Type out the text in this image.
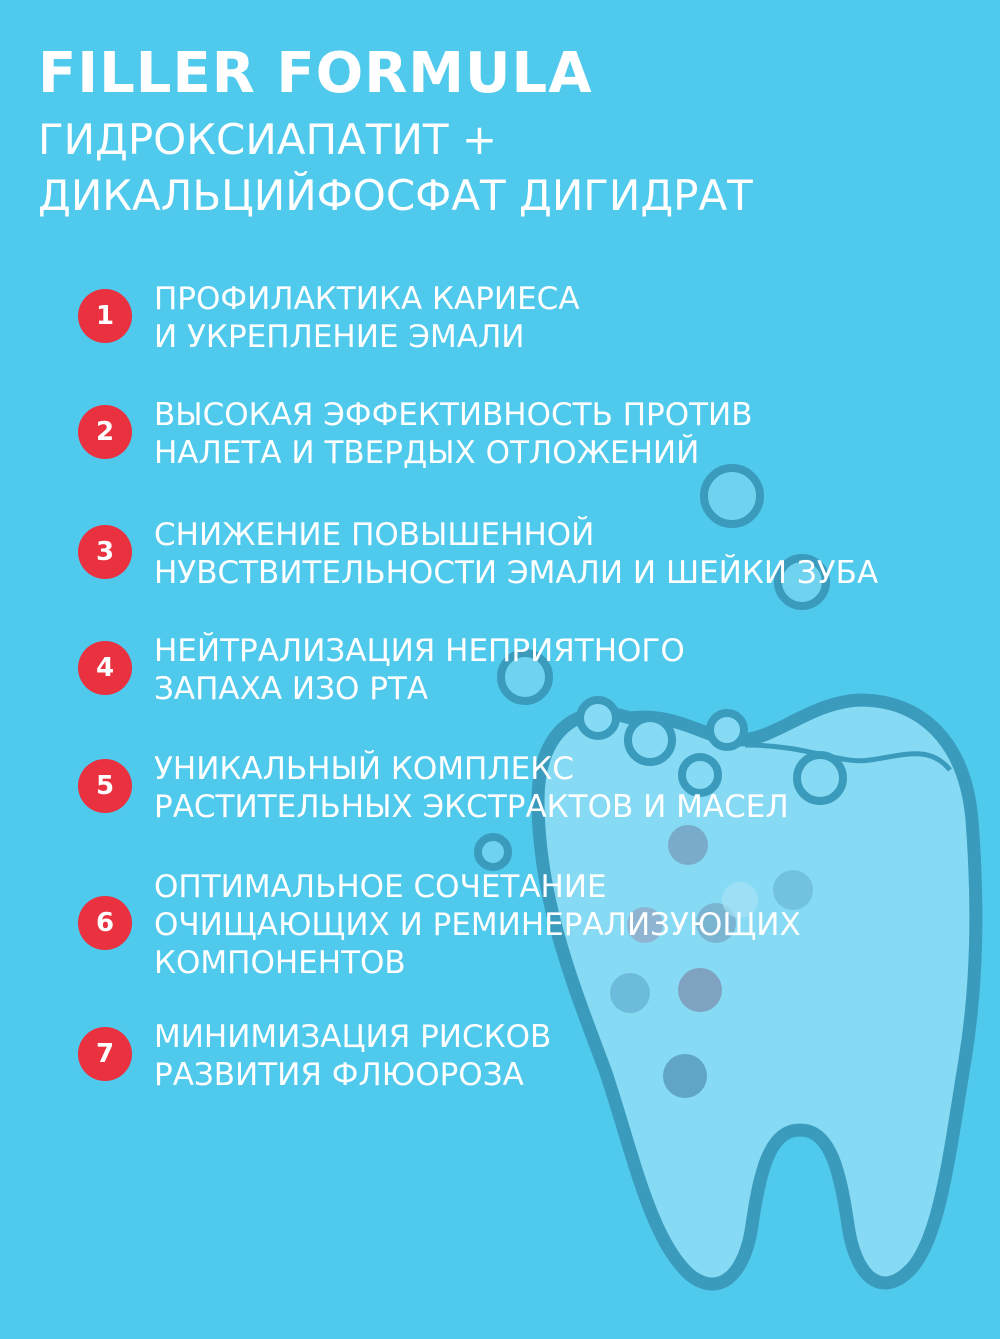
FILLER FORMULA
ГИДРОКСИАПАТИТ +
ДИКАЛЬЦИЙФОСФАТ ДИГИДРАТ
1	ПРОФИЛАКТИКА КАРИЕСА
И УКРЕПЛЕНИЕ ЭМАЛИ
2	ВЫСОКАЯ ЭФФЕКТИВНОСТЬ ПРОТИВ
НАЛЕТА И ТВЕРДЫХ ОТЛОЖЕНИЙ
3	СНИЖЕНИЕ ПОВЫШЕННОЙ
НУВСТВИТЕЛЬНОСТИ ЭМАЛИ И ШЕЙКИ ЗУБА
4	НЕЙТРАЛИЗАЦИЯ НЕПРИЯТНОГО
ЗАПАХА ИЗО РТА
5	УНИКАЛЬНЫЙ КОМПЛЕКС
РАСТИТЕЛЬНЫХ ЭКСТРАКТОВ И МАСЕЛ
6
ОПТИМАЛЬНОЕ СОЧЕТАНИЕ
ОЧИЩАЮЩИХ И РЕМИНЕРАЛИЗУЮЩИХ
КОМПОНЕНТОВ
7	МИНИМИЗАЦИЯ РИСКОВ
РАЗВИТИЯ ФЛЮОРОЗА
